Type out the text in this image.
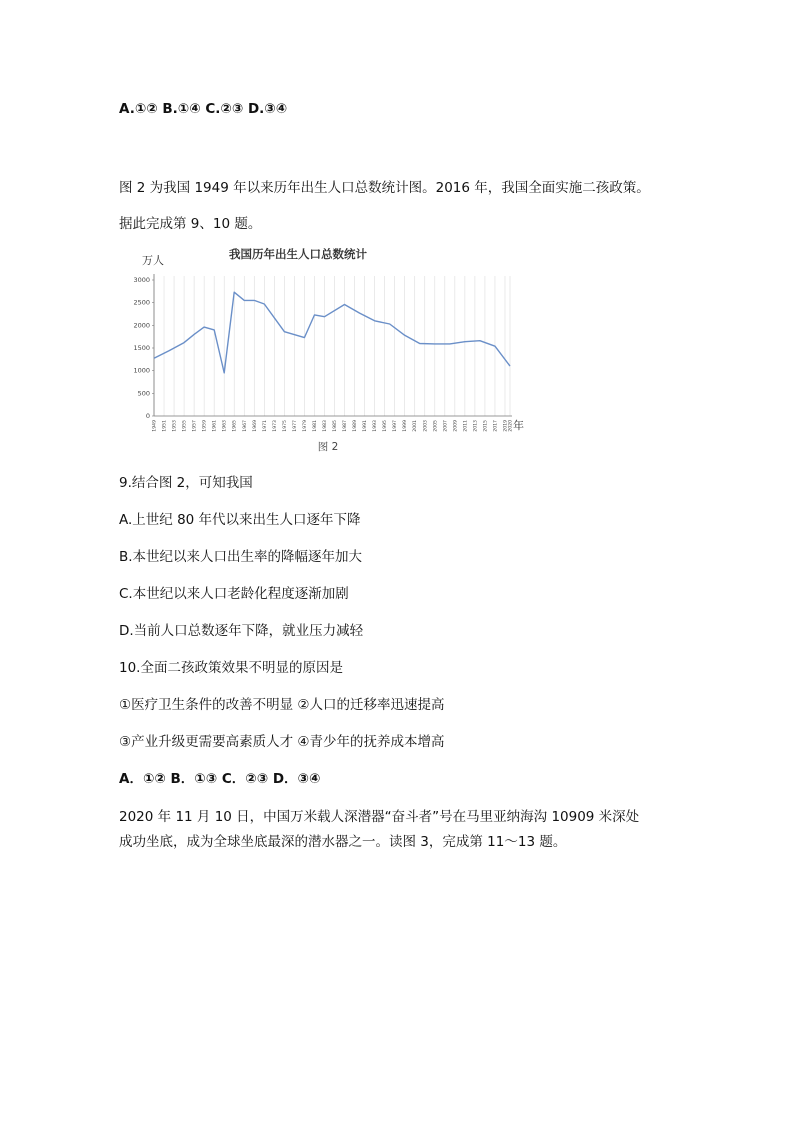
A.①② B.①④ C.②③ D.③④
图 2 为我国 1949 年以来历年出生人口总数统计图。2016 年，我国全面实施二孩政策。
据此完成第 9、10 题。
我国历年出生人口总数统计
万人
0
500
1000
1500
2000
2500
3000
1949 1951 1953 1955 1957 1959 1961 1963 1965 1967 1969 1971 1973 1975 1977 1979 1981 1983 1985 1987 1989 1991 1993 1995 1997 1999 2001 2003 2005 2007 2009 2011 2013 2015 2017 2019 2020 年
图 2
9.结合图 2，可知我国
A.上世纪 80 年代以来出生人口逐年下降
B.本世纪以来人口出生率的降幅逐年加大
C.本世纪以来人口老龄化程度逐渐加剧
D.当前人口总数逐年下降，就业压力减轻
10.全面二孩政策效果不明显的原因是
①医疗卫生条件的改善不明显 ②人口的迁移率迅速提高
③产业升级更需要高素质人才 ④青少年的抚养成本增高
A．①② B．①③ C．②③ D．③④
2020 年 11 月 10 日，中国万米载人深潜器“奋斗者”号在马里亚纳海沟 10909 米深处
成功坐底，成为全球坐底最深的潜水器之一。读图 3，完成第 11～13 题。
